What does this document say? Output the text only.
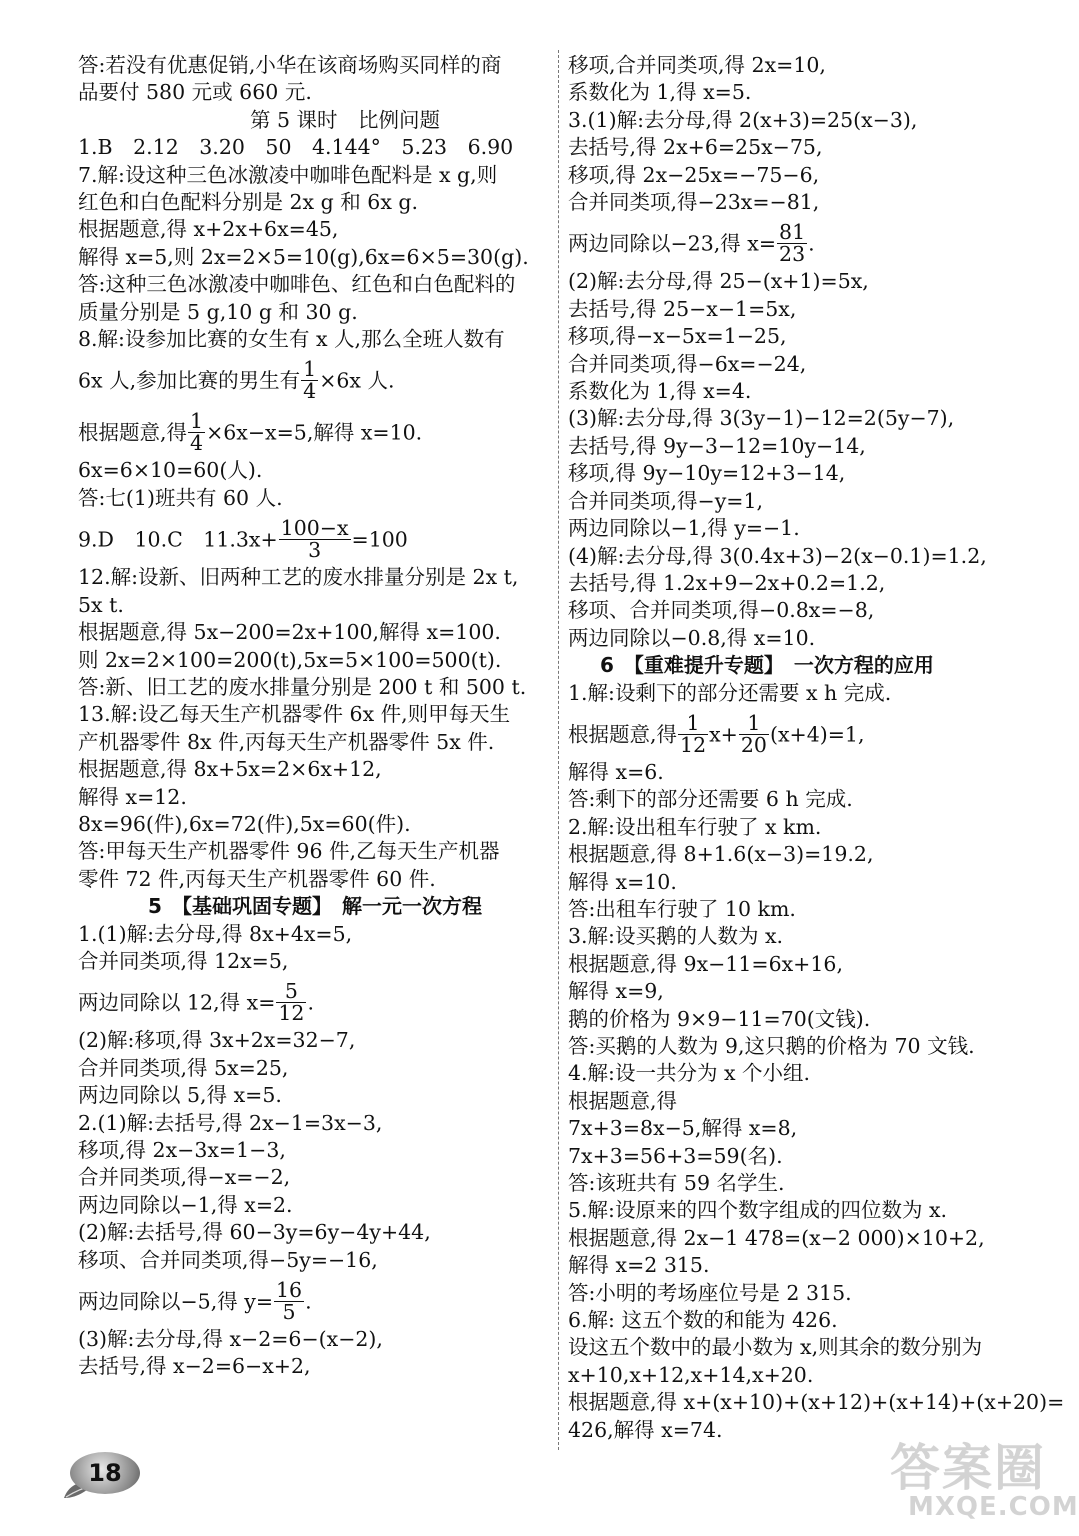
答:若没有优惠促销,小华在该商场购买同样的商
品要付 580 元或 660 元.
第 5 课时　比例问题
1.B　2.12　3.20　50　4.144°　5.23　6.90
7.解:设这种三色冰激凌中咖啡色配料是 x g,则
红色和白色配料分别是 2x g 和 6x g.
根据题意,得 x+2x+6x=45,
解得 x=5,则 2x=2×5=10(g),6x=6×5=30(g).
答:这种三色冰激凌中咖啡色、红色和白色配料的
质量分别是 5 g,10 g 和 30 g.
8.解:设参加比赛的女生有 x 人,那么全班人数有
6x 人,参加比赛的男生有 $\frac{1}{4} \times 6x$ 人.
根据题意,得 $\frac{1}{4} \times 6x-x=5$,解得 x=10.
6x=6×10=60(人).
答:七(1)班共有 60 人.
9.D　10.C　$11.3x+ \frac{100-x}{3} =100$
12.解:设新、旧两种工艺的废水排量分别是 2x t,
5x t.
根据题意,得 5x−200=2x+100,解得 x=100.
则 2x=2×100=200(t),5x=5×100=500(t).
答:新、旧工艺的废水排量分别是 200 t 和 500 t.
13.解:设乙每天生产机器零件 6x 件,则甲每天生
产机器零件 8x 件,丙每天生产机器零件 5x 件.
根据题意,得 8x+5x=2×6x+12,
解得 x=12.
8x=96(件),6x=72(件),5x=60(件).
答:甲每天生产机器零件 96 件,乙每天生产机器
零件 72 件,丙每天生产机器零件 60 件.
5　【基础巩固专题】　解一元一次方程
1.(1)解:去分母,得 8x+4x=5,
合并同类项,得 12x=5,
两边同除以 12,得 $x= \frac{5}{12}$ .
(2)解:移项,得 3x+2x=32−7,
合并同类项,得 5x=25,
两边同除以 5,得 x=5.
2.(1)解:去括号,得 2x−1=3x−3,
移项,得 2x−3x=1−3,
合并同类项,得−x=−2,
两边同除以−1,得 x=2.
(2)解:去括号,得 60−3y=6y−4y+44,
移项、合并同类项,得−5y=−16,
两边同除以−5,得 $y= \frac{16}{5}$ .
(3)解:去分母,得 x−2=6−(x−2),
去括号,得 x−2=6−x+2,
移项,合并同类项,得 2x=10,
系数化为 1,得 x=5.
3.(1)解:去分母,得 2(x+3)=25(x−3),
去括号,得 2x+6=25x−75,
移项,得 2x−25x=−75−6,
合并同类项,得−23x=−81,
两边同除以−23,得 $x= \frac{81}{23}$ .
(2)解:去分母,得 25−(x+1)=5x,
去括号,得 25−x−1=5x,
移项,得−x−5x=1−25,
合并同类项,得−6x=−24,
系数化为 1,得 x=4.
(3)解:去分母,得 3(3y−1)−12=2(5y−7),
去括号,得 9y−3−12=10y−14,
移项,得 9y−10y=12+3−14,
合并同类项,得−y=1,
两边同除以−1,得 y=−1.
(4)解:去分母,得 3(0.4x+3)−2(x−0.1)=1.2,
去括号,得 1.2x+9−2x+0.2=1.2,
移项、合并同类项,得−0.8x=−8,
两边同除以−0.8,得 x=10.
6　【重难提升专题】　一次方程的应用
1.解:设剩下的部分还需要 x h 完成.
根据题意,得 $\frac{1}{12} x+ \frac{1}{20} (x+4)=1$,
解得 x=6.
答:剩下的部分还需要 6 h 完成.
2.解:设出租车行驶了 x km.
根据题意,得 8+1.6(x−3)=19.2,
解得 x=10.
答:出租车行驶了 10 km.
3.解:设买鹅的人数为 x.
根据题意,得 9x−11=6x+16,
解得 x=9,
鹅的价格为 9×9−11=70(文钱).
答:买鹅的人数为 9,这只鹅的价格为 70 文钱.
4.解:设一共分为 x 个小组.
根据题意,得
7x+3=8x−5,解得 x=8,
7x+3=56+3=59(名).
答:该班共有 59 名学生.
5.解:设原来的四个数字组成的四位数为 x.
根据题意,得 2x−1 478=(x−2 000)×10+2,
解得 x=2 315.
答:小明的考场座位号是 2 315.
6.解: 这五个数的和能为 426.
设这五个数中的最小数为 x,则其余的数分别为
x+10,x+12,x+14,x+20.
根据题意,得 x+(x+10)+(x+12)+(x+14)+(x+20)=
426,解得 x=74.
18	答案圈
MXQE.COM
